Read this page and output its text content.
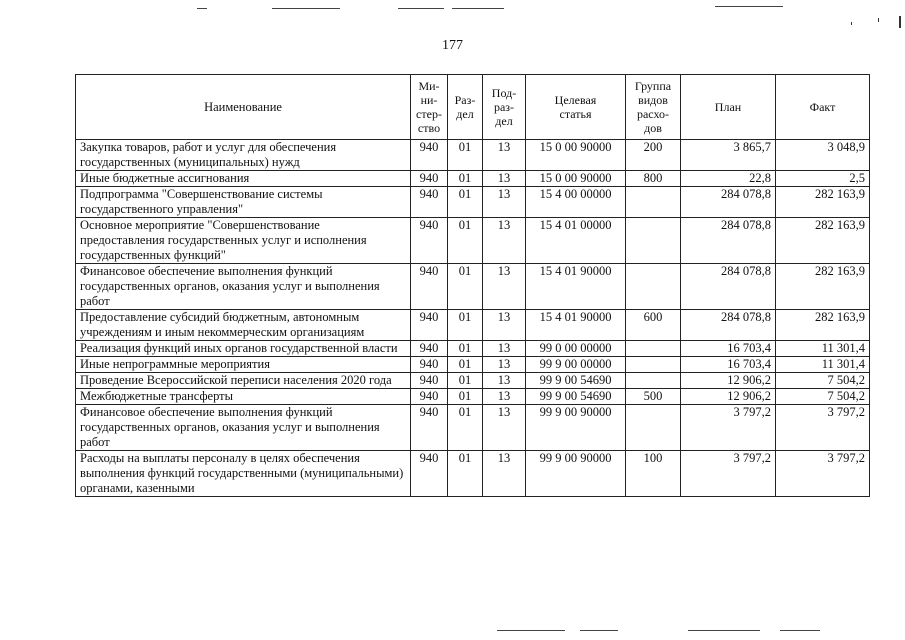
177
Наименование	Ми-
ни-
стер-
ство	Раз-
дел	Под-
раз-
дел	Целевая
статья	Группа
видов
расхо-
дов	План	Факт
Закупка товаров, работ и услуг для обеспечения государственных (муниципальных) нужд	940	01	13	15 0 00 90000	200	3 865,7	3 048,9
Иные бюджетные ассигнования	940	01	13	15 0 00 90000	800	22,8	2,5
Подпрограмма "Совершенствование системы государственного управления"	940	01	13	15 4 00 00000		284 078,8	282 163,9
Основное мероприятие "Совершенствование предоставления государственных услуг и исполнения государственных функций"	940	01	13	15 4 01 00000		284 078,8	282 163,9
Финансовое обеспечение выполнения функций государственных органов, оказания услуг и выполнения работ	940	01	13	15 4 01 90000		284 078,8	282 163,9
Предоставление субсидий бюджетным, автономным учреждениям и иным некоммерческим организациям	940	01	13	15 4 01 90000	600	284 078,8	282 163,9
Реализация функций иных органов государственной власти	940	01	13	99 0 00 00000		16 703,4	11 301,4
Иные непрограммные мероприятия	940	01	13	99 9 00 00000		16 703,4	11 301,4
Проведение Всероссийской переписи населения 2020 года	940	01	13	99 9 00 54690		12 906,2	7 504,2
Межбюджетные трансферты	940	01	13	99 9 00 54690	500	12 906,2	7 504,2
Финансовое обеспечение выполнения функций государственных органов, оказания услуг и выполнения работ	940	01	13	99 9 00 90000		3 797,2	3 797,2
Расходы на выплаты персоналу в целях обеспечения выполнения функций государственными (муниципальными) органами, казенными	940	01	13	99 9 00 90000	100	3 797,2	3 797,2
